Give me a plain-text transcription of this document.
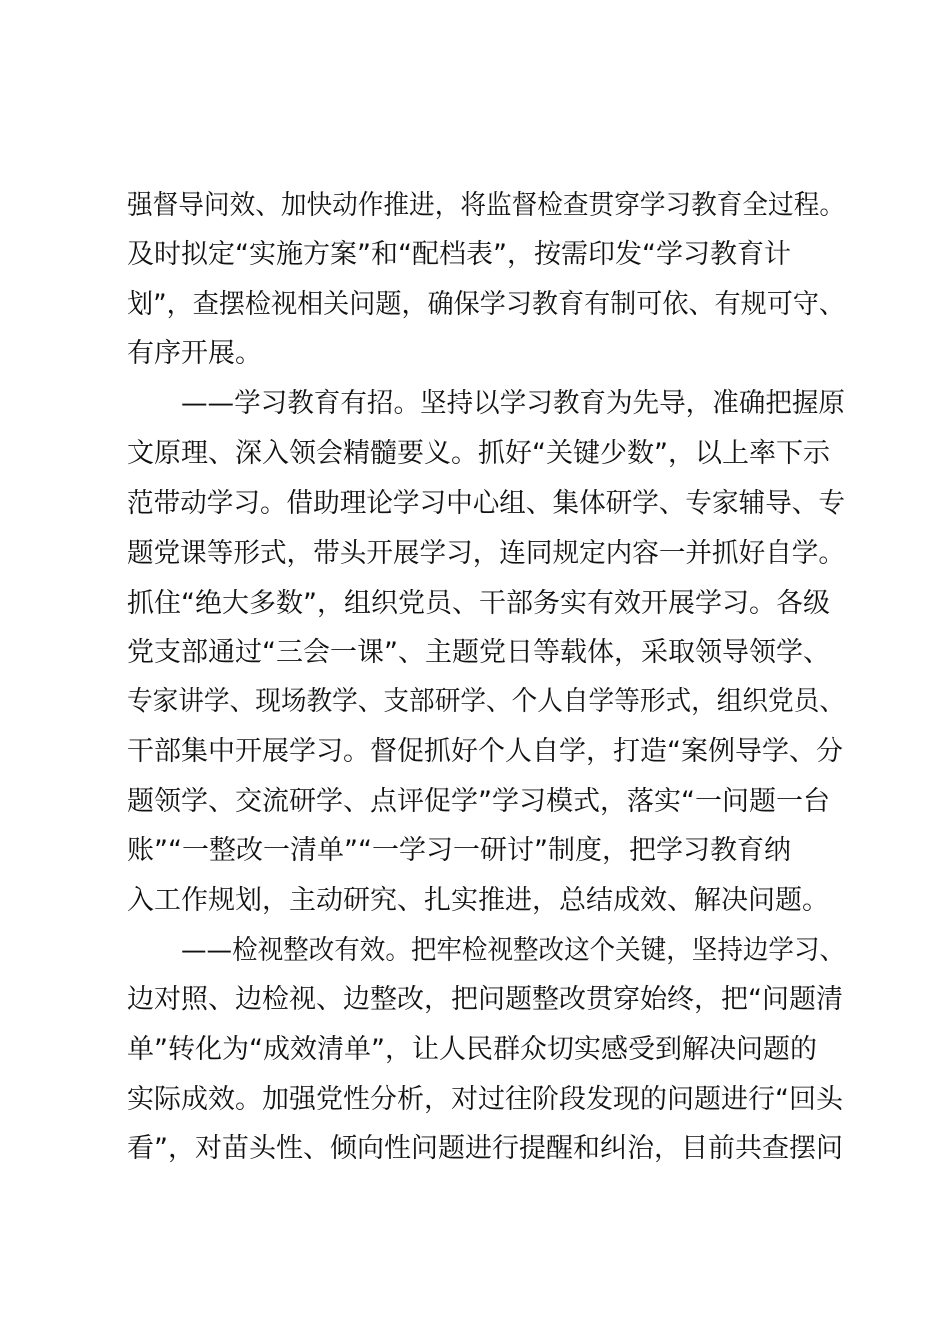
强督导问效、加快动作推进，将监督检查贯穿学习教育全过程。
及时拟定“实施方案”和“配档表”，按需印发“学习教育计
划”，查摆检视相关问题，确保学习教育有制可依、有规可守、
有序开展。
——学习教育有招。坚持以学习教育为先导，准确把握原
文原理、深入领会精髓要义。抓好“关键少数”，以上率下示
范带动学习。借助理论学习中心组、集体研学、专家辅导、专
题党课等形式，带头开展学习，连同规定内容一并抓好自学。
抓住“绝大多数”，组织党员、干部务实有效开展学习。各级
党支部通过“三会一课”、主题党日等载体，采取领导领学、
专家讲学、现场教学、支部研学、个人自学等形式，组织党员、
干部集中开展学习。督促抓好个人自学，打造“案例导学、分
题领学、交流研学、点评促学”学习模式，落实“一问题一台
账”“一整改一清单”“一学习一研讨”制度，把学习教育纳
入工作规划，主动研究、扎实推进，总结成效、解决问题。
——检视整改有效。把牢检视整改这个关键，坚持边学习、
边对照、边检视、边整改，把问题整改贯穿始终，把“问题清
单”转化为“成效清单”，让人民群众切实感受到解决问题的
实际成效。加强党性分析，对过往阶段发现的问题进行“回头
看”，对苗头性、倾向性问题进行提醒和纠治，目前共查摆问
